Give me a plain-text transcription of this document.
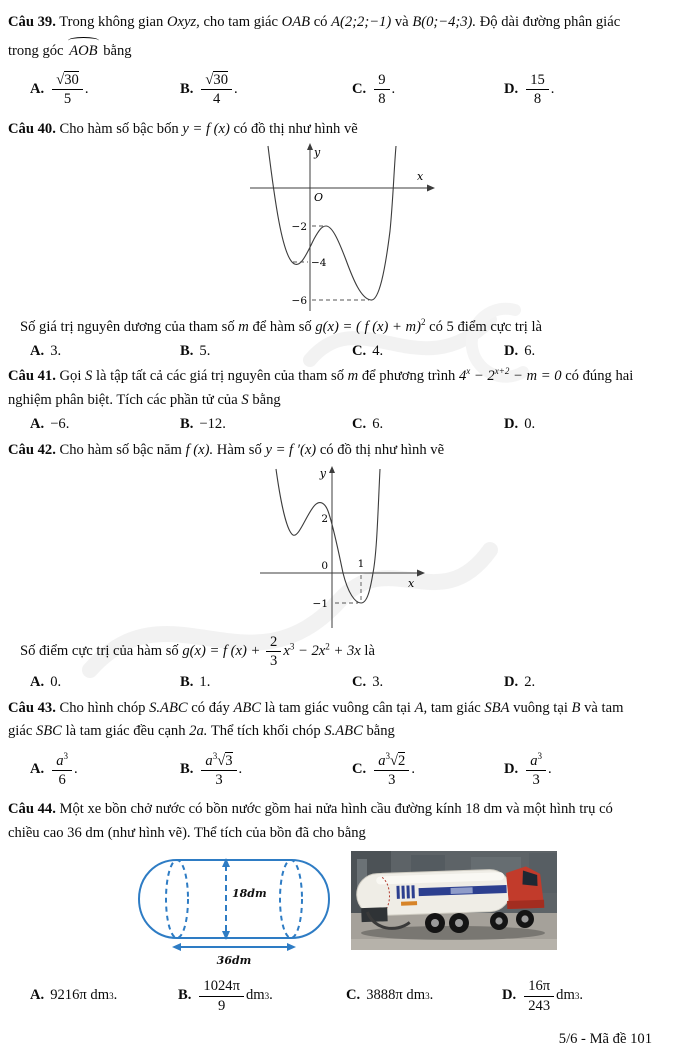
Câu 39. Trong không gian Oxyz, cho tam giác OAB có A(2;2;−1) và B(0;−4;3). Độ dài đường phân giác
trong góc AOB bằng
A. $\frac{√30}{5}$ .	B. $\frac{√30}{4}$ .	C. $\frac{9}{8}$ .	D. $\frac{15}{8}$ .
Câu 40. Cho hàm số bậc bốn y = f (x) có đồ thị như hình vẽ
y
x
O
−2
−4
−6
Số giá trị nguyên dương của tham số m để hàm số g(x) = ( f (x) + m)$^2$ có 5 điểm cực trị là
A. 3.	B. 5.	C. 4.	D. 6.
Câu 41. Gọi S là tập tất cả các giá trị nguyên của tham số m để phương trình $4^x - 2^{x+2} - m = 0$ có đúng hai
nghiệm phân biệt. Tích các phần tử của S bằng
A. −6.	B. −12.	C. 6.	D. 0.
Câu 42. Cho hàm số bậc năm f (x). Hàm số y = f ′(x) có đồ thị như hình vẽ
y
x
0
2
1
−1
Số điểm cực trị của hàm số g(x) = f $(x) + \frac{2}{3} x^3 - 2x^2 + 3x$ là
A. 0.	B. 1.	C. 3.	D. 2.
Câu 43. Cho hình chóp S.ABC có đáy ABC là tam giác vuông cân tại A, tam giác SBA vuông tại B và tam
giác SBC là tam giác đều cạnh 2a. Thể tích khối chóp S.ABC bằng
A. $\frac{a^3}{6}$ .	B. $\frac{a^3√3}{3}$ .	C. $\frac{a^3√2}{3}$ .	D. $\frac{a^3}{3}$ .
Câu 44. Một xe bồn chở nước có bồn nước gồm hai nửa hình cầu đường kính 18 dm và một hình trụ có
chiều cao 36 dm (như hình vẽ). Thể tích của bồn đã cho bằng
18dm
36dm
A. 9216π dm 3 .	B. $\frac{1024\pi}{9}$ dm 3 .	C. 3888π dm 3 .	D. $\frac{16\pi}{243}$ dm 3 .
5/6 - Mã đề 101
